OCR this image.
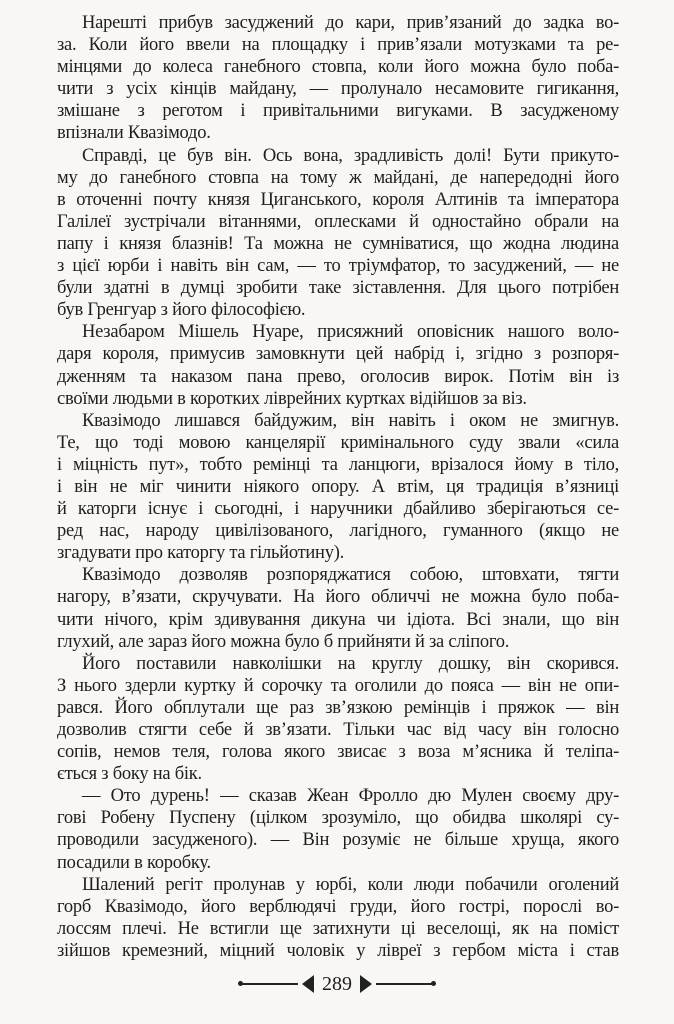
Нарешті прибув засуджений до кари, прив’язаний до задка во-
за. Коли його ввели на площадку і прив’язали мотузками та ре-
мінцями до колеса ганебного стовпа, коли його можна було поба-
чити з усіх кінців майдану, — пролунало несамовите гигикання,
змішане з реготом і привітальними вигуками. В засудженому
впізнали Квазімодо.
Справді, це був він. Ось вона, зрадливість долі! Бути прикуто-
му до ганебного стовпа на тому ж майдані, де напередодні його
в оточенні почту князя Циганського, короля Алтинів та імператора
Галілеї зустрічали вітаннями, оплесками й одностайно обрали на
папу і князя блазнів! Та можна не сумніватися, що жодна людина
з цієї юрби і навіть він сам, — то тріумфатор, то засуджений, — не
були здатні в думці зробити таке зіставлення. Для цього потрібен
був Гренгуар з його філософією.
Незабаром Мішель Нуаре, присяжний оповісник нашого воло-
даря короля, примусив замовкнути цей набрід і, згідно з розпоря-
дженням та наказом пана прево, оголосив вирок. Потім він із
своїми людьми в коротких ліврейних куртках відійшов за віз.
Квазімодо лишався байдужим, він навіть і оком не змигнув.
Те, що тоді мовою канцелярії кримінального суду звали «сила
і міцність пут», тобто ремінці та ланцюги, врізалося йому в тіло,
і він не міг чинити ніякого опору. А втім, ця традиція в’язниці
й каторги існує і сьогодні, і наручники дбайливо зберігаються се-
ред нас, народу цивілізованого, лагідного, гуманного (якщо не
згадувати про каторгу та гільйотину).
Квазімодо дозволяв розпоряджатися собою, штовхати, тягти
нагору, в’язати, скручувати. На його обличчі не можна було поба-
чити нічого, крім здивування дикуна чи ідіота. Всі знали, що він
глухий, але зараз його можна було б прийняти й за сліпого.
Його поставили навколішки на круглу дошку, він скорився.
З нього здерли куртку й сорочку та оголили до пояса — він не опи-
рався. Його обплутали ще раз зв’язкою ремінців і пряжок — він
дозволив стягти себе й зв’язати. Тільки час від часу він голосно
сопів, немов теля, голова якого звисає з воза м’ясника й теліпа-
ється з боку на бік.
— Ото дурень! — сказав Жеан Фролло дю Мулен своєму дру-
гові Робену Пуспену (цілком зрозуміло, що обидва школярі су-
проводили засудженого). — Він розуміє не більше хруща, якого
посадили в коробку.
Шалений регіт пролунав у юрбі, коли люди побачили оголений
горб Квазімодо, його верблюдячі груди, його гострі, порослі во-
лоссям плечі. Не встигли ще затихнути ці веселощі, як на поміст
зійшов кремезний, міцний чоловік у лівреї з гербом міста і став
289
